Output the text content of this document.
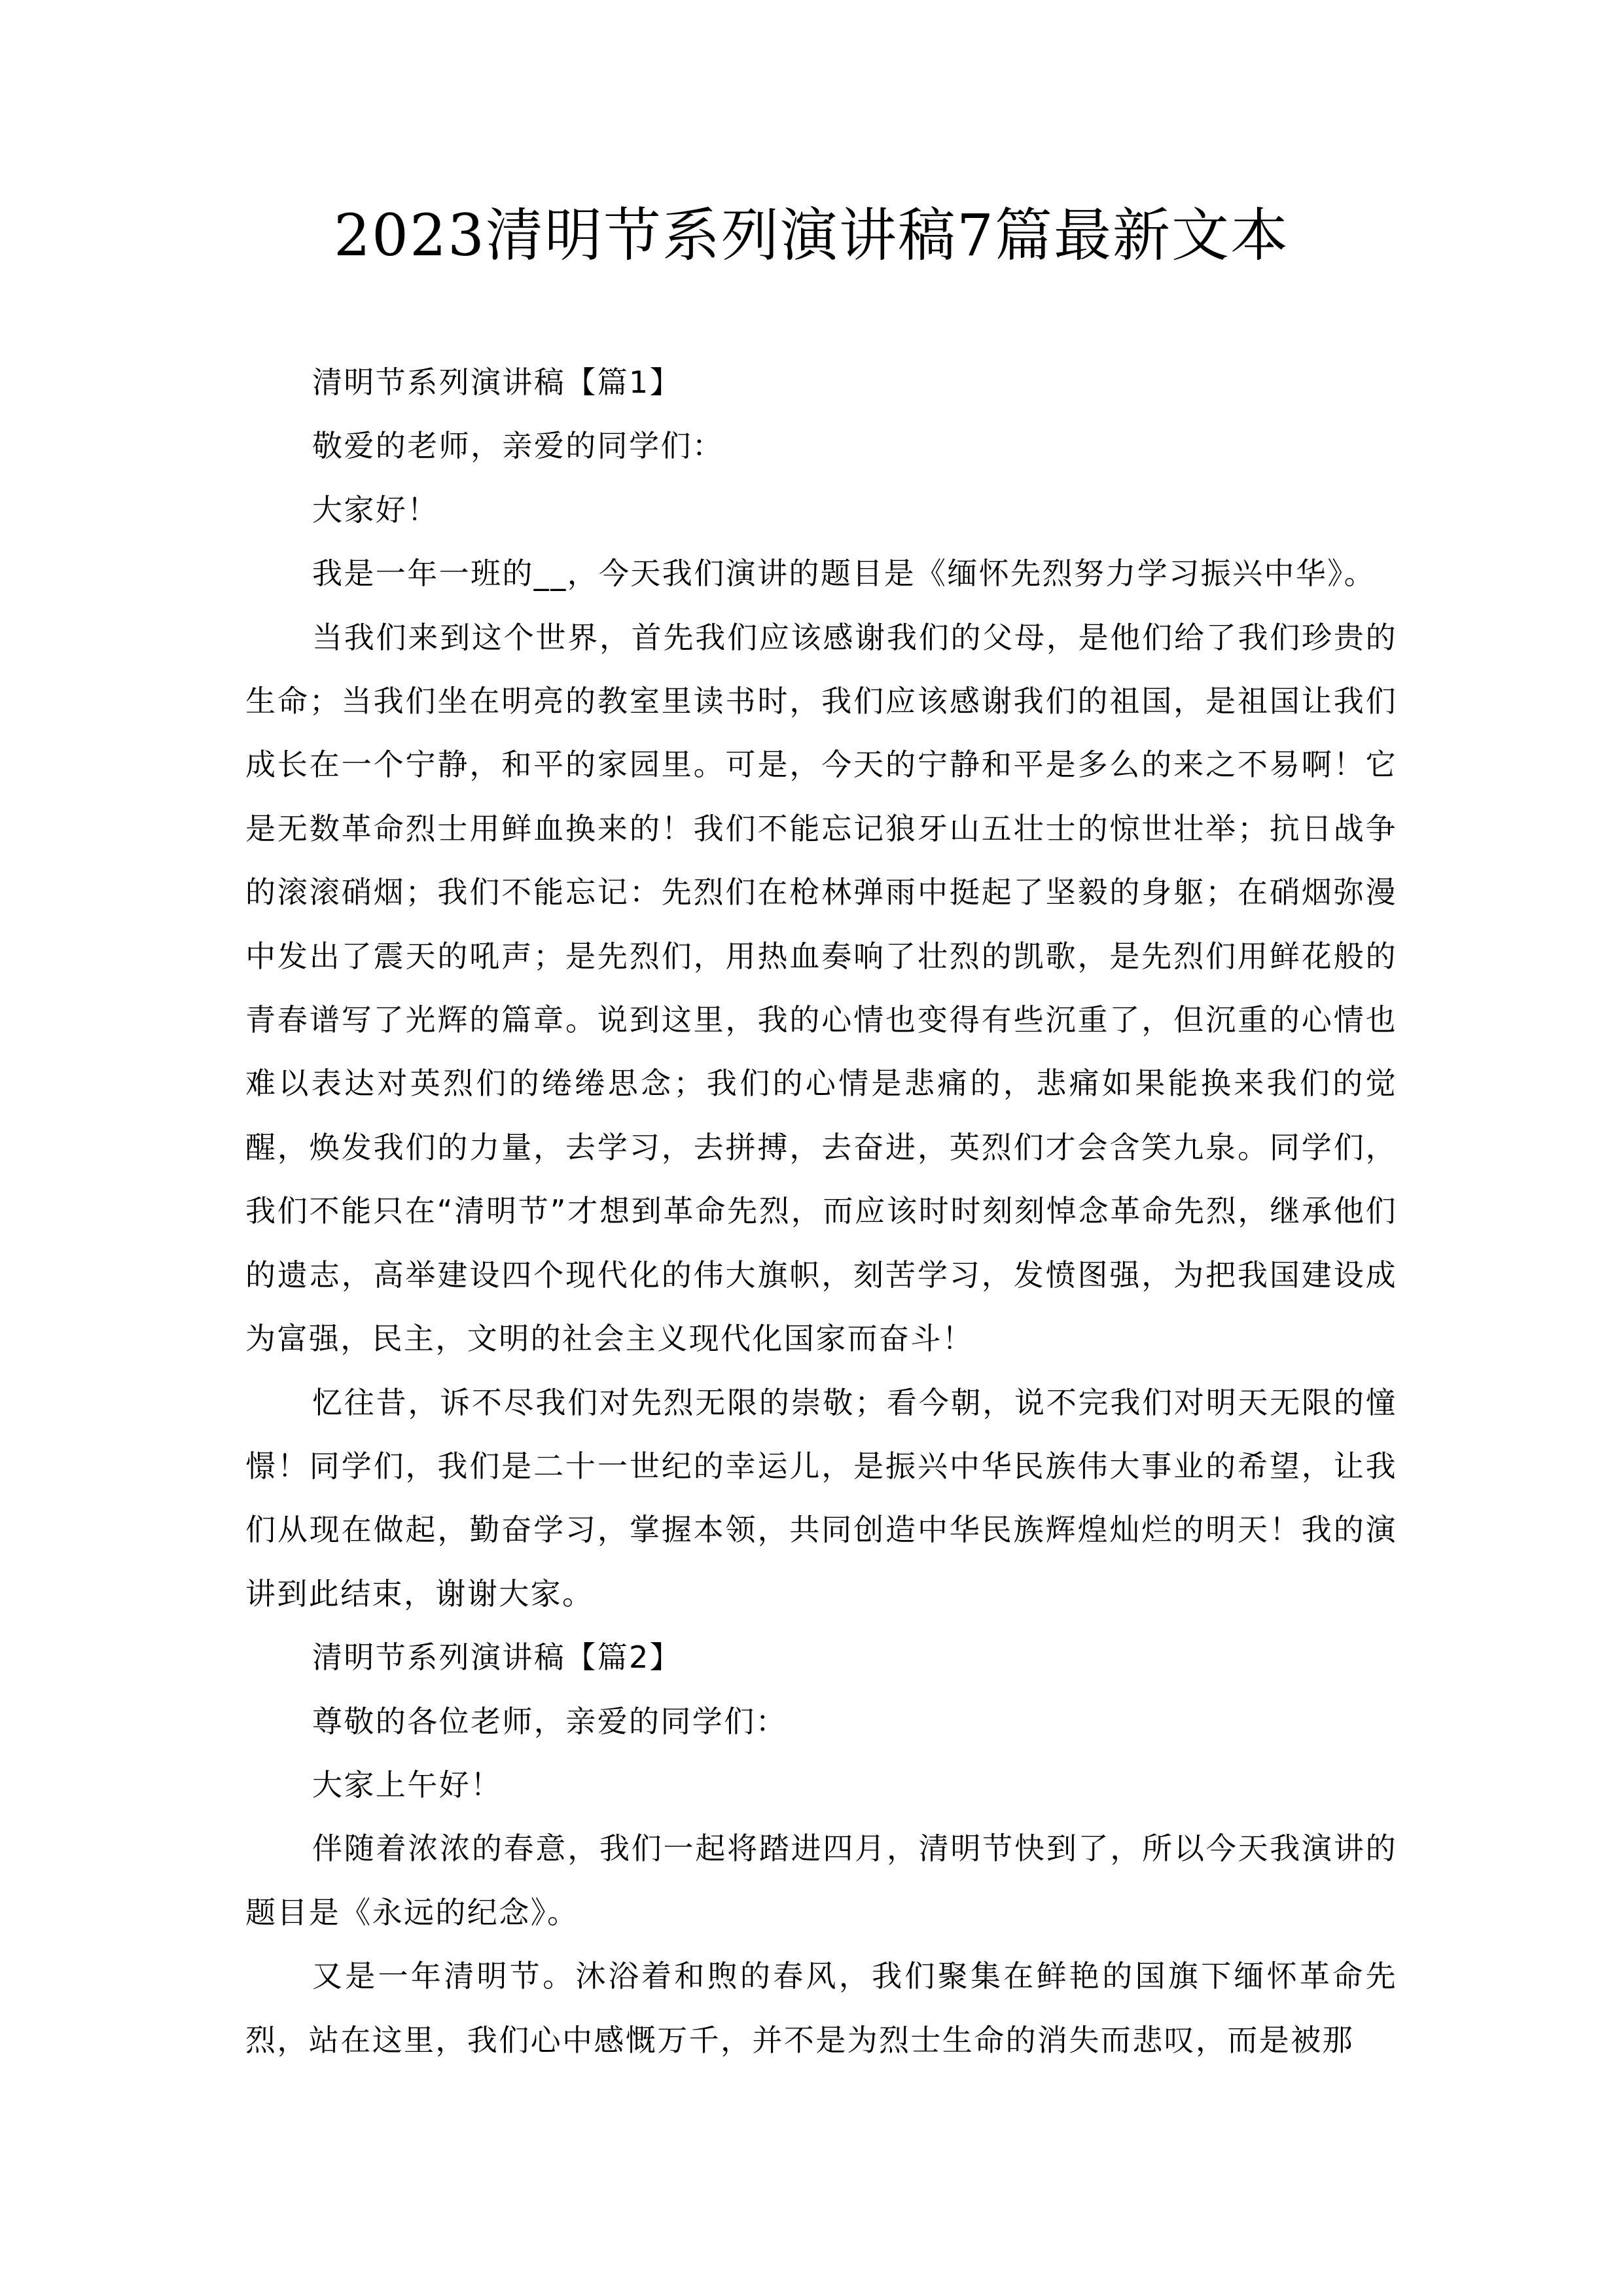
2023清明节系列演讲稿7篇最新文本

清明节系列演讲稿【篇1】

敬爱的老师，亲爱的同学们：

大家好！

我是一年一班的__，今天我们演讲的题目是《缅怀先烈努力学习振兴中华》。

当我们来到这个世界，首先我们应该感谢我们的父母，是他们给了我们珍贵的生命；当我们坐在明亮的教室里读书时，我们应该感谢我们的祖国，是祖国让我们成长在一个宁静，和平的家园里。可是，今天的宁静和平是多么的来之不易啊！它是无数革命烈士用鲜血换来的！我们不能忘记狼牙山五壮士的惊世壮举；抗日战争的滚滚硝烟；我们不能忘记：先烈们在枪林弹雨中挺起了坚毅的身躯；在硝烟弥漫中发出了震天的吼声；是先烈们，用热血奏响了壮烈的凯歌，是先烈们用鲜花般的青春谱写了光辉的篇章。说到这里，我的心情也变得有些沉重了，但沉重的心情也难以表达对英烈们的绻绻思念；我们的心情是悲痛的，悲痛如果能换来我们的觉醒，焕发我们的力量，去学习，去拼搏，去奋进，英烈们才会含笑九泉。同学们，我们不能只在“清明节”才想到革命先烈，而应该时时刻刻悼念革命先烈，继承他们的遗志，高举建设四个现代化的伟大旗帜，刻苦学习，发愤图强，为把我国建设成为富强，民主，文明的社会主义现代化国家而奋斗！

忆往昔，诉不尽我们对先烈无限的崇敬；看今朝，说不完我们对明天无限的憧憬！同学们，我们是二十一世纪的幸运儿，是振兴中华民族伟大事业的希望，让我们从现在做起，勤奋学习，掌握本领，共同创造中华民族辉煌灿烂的明天！我的演讲到此结束，谢谢大家。

清明节系列演讲稿【篇2】

尊敬的各位老师，亲爱的同学们：

大家上午好！

伴随着浓浓的春意，我们一起将踏进四月，清明节快到了，所以今天我演讲的题目是《永远的纪念》。

又是一年清明节。沐浴着和煦的春风，我们聚集在鲜艳的国旗下缅怀革命先烈，站在这里，我们心中感慨万千，并不是为烈士生命的消失而悲叹，而是被那
